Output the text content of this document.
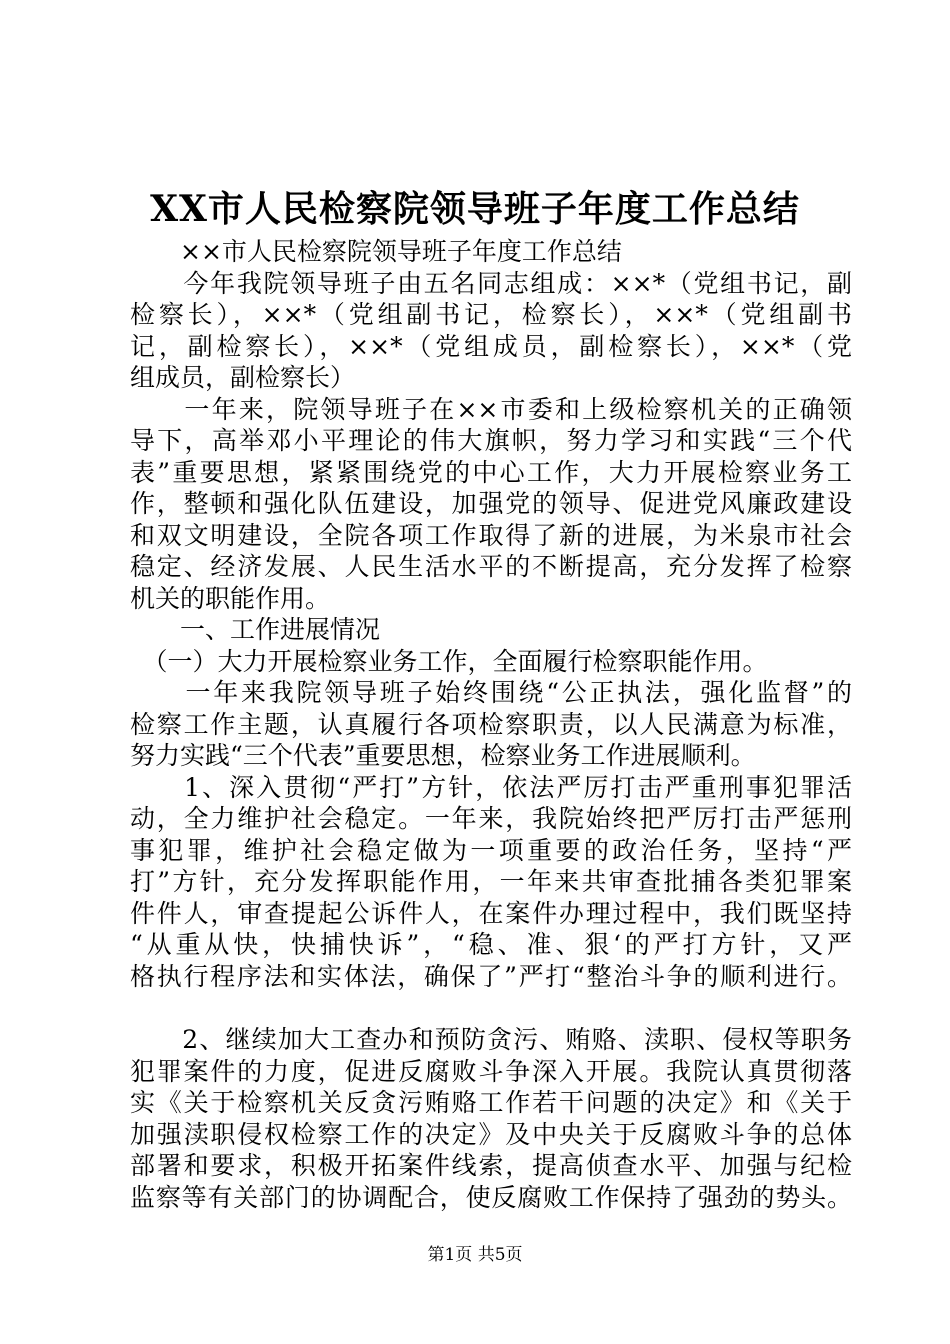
XX市人民检察院领导班子年度工作总结
　　××市人民检察院领导班子年度工作总结
　　今年我院领导班子由五名同志组成：××*（党组书记，副
检察长），××*（党组副书记，检察长），××*（党组副书
记，副检察长），××*（党组成员，副检察长），××*（党
组成员，副检察长）
　　一年来，院领导班子在××市委和上级检察机关的正确领
导下，高举邓小平理论的伟大旗帜，努力学习和实践“三个代
表”重要思想，紧紧围绕党的中心工作，大力开展检察业务工
作，整顿和强化队伍建设，加强党的领导、促进党风廉政建设
和双文明建设，全院各项工作取得了新的进展，为米泉市社会
稳定、经济发展、人民生活水平的不断提高，充分发挥了检察
机关的职能作用。
　　一、工作进展情况
　（一）大力开展检察业务工作，全面履行检察职能作用。
　　一年来我院领导班子始终围绕“公正执法，强化监督”的
检察工作主题，认真履行各项检察职责，以人民满意为标准，
努力实践“三个代表”重要思想，检察业务工作进展顺利。
　　1、深入贯彻“严打”方针，依法严厉打击严重刑事犯罪活
动，全力维护社会稳定。一年来，我院始终把严厉打击严惩刑
事犯罪，维护社会稳定做为一项重要的政治任务，坚持“严
打”方针，充分发挥职能作用，一年来共审查批捕各类犯罪案
件件人，审查提起公诉件人，在案件办理过程中，我们既坚持
“从重从快，快捕快诉”，“稳、准、狠‘的严打方针，又严
格执行程序法和实体法，确保了”严打“整治斗争的顺利进行。
　　2、继续加大工查办和预防贪污、贿赂、渎职、侵权等职务
犯罪案件的力度，促进反腐败斗争深入开展。我院认真贯彻落
实《关于检察机关反贪污贿赂工作若干问题的决定》和《关于
加强渎职侵权检察工作的决定》及中央关于反腐败斗争的总体
部署和要求，积极开拓案件线索，提高侦查水平、加强与纪检
监察等有关部门的协调配合，使反腐败工作保持了强劲的势头。
第1页 共5页
